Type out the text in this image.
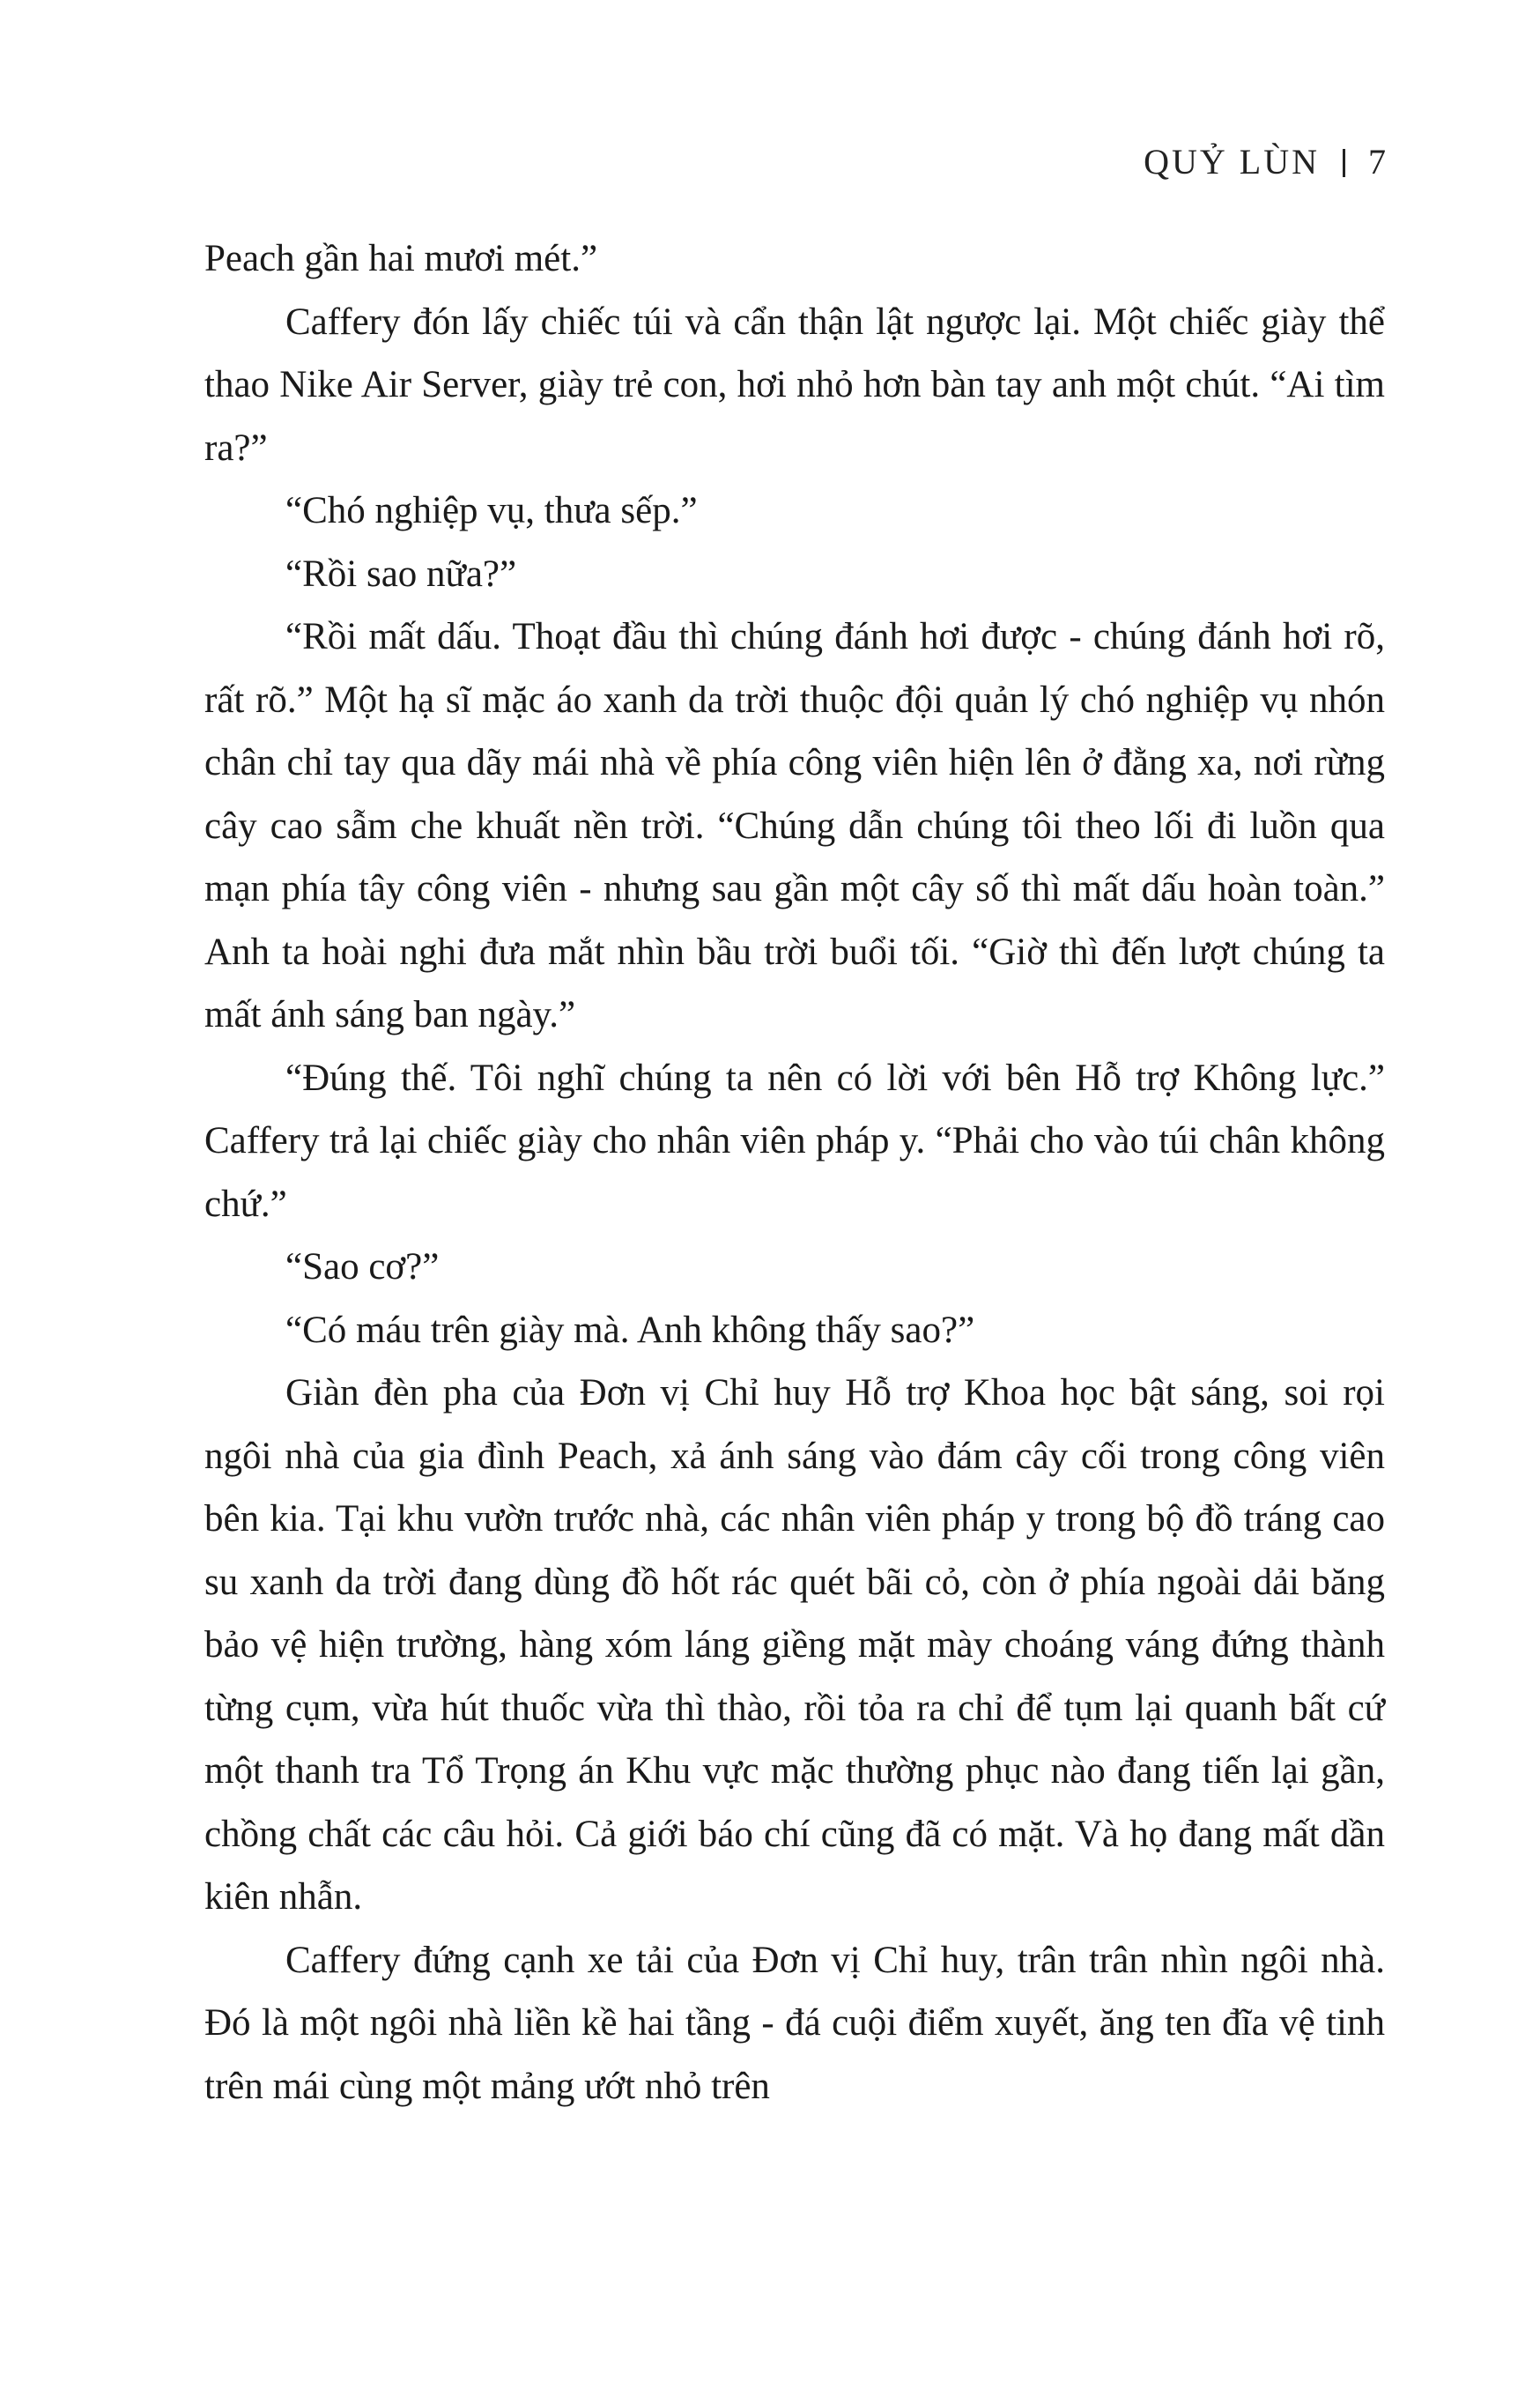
QUỶ LÙN 7

Peach gần hai mươi mét.”

Caffery đón lấy chiếc túi và cẩn thận lật ngược lại. Một chiếc giày thể thao Nike Air Server, giày trẻ con, hơi nhỏ hơn bàn tay anh một chút. “Ai tìm ra?”

“Chó nghiệp vụ, thưa sếp.”

“Rồi sao nữa?”

“Rồi mất dấu. Thoạt đầu thì chúng đánh hơi được - chúng đánh hơi rõ, rất rõ.” Một hạ sĩ mặc áo xanh da trời thuộc đội quản lý chó nghiệp vụ nhón chân chỉ tay qua dãy mái nhà về phía công viên hiện lên ở đằng xa, nơi rừng cây cao sẫm che khuất nền trời. “Chúng dẫn chúng tôi theo lối đi luồn qua mạn phía tây công viên - nhưng sau gần một cây số thì mất dấu hoàn toàn.” Anh ta hoài nghi đưa mắt nhìn bầu trời buổi tối. “Giờ thì đến lượt chúng ta mất ánh sáng ban ngày.”

“Đúng thế. Tôi nghĩ chúng ta nên có lời với bên Hỗ trợ Không lực.” Caffery trả lại chiếc giày cho nhân viên pháp y. “Phải cho vào túi chân không chứ.”

“Sao cơ?”

“Có máu trên giày mà. Anh không thấy sao?”

Giàn đèn pha của Đơn vị Chỉ huy Hỗ trợ Khoa học bật sáng, soi rọi ngôi nhà của gia đình Peach, xả ánh sáng vào đám cây cối trong công viên bên kia. Tại khu vườn trước nhà, các nhân viên pháp y trong bộ đồ tráng cao su xanh da trời đang dùng đồ hốt rác quét bãi cỏ, còn ở phía ngoài dải băng bảo vệ hiện trường, hàng xóm láng giềng mặt mày choáng váng đứng thành từng cụm, vừa hút thuốc vừa thì thào, rồi tỏa ra chỉ để tụm lại quanh bất cứ một thanh tra Tổ Trọng án Khu vực mặc thường phục nào đang tiến lại gần, chồng chất các câu hỏi. Cả giới báo chí cũng đã có mặt. Và họ đang mất dần kiên nhẫn.

Caffery đứng cạnh xe tải của Đơn vị Chỉ huy, trân trân nhìn ngôi nhà. Đó là một ngôi nhà liền kề hai tầng - đá cuội điểm xuyết, ăng ten đĩa vệ tinh trên mái cùng một mảng ướt nhỏ trên
